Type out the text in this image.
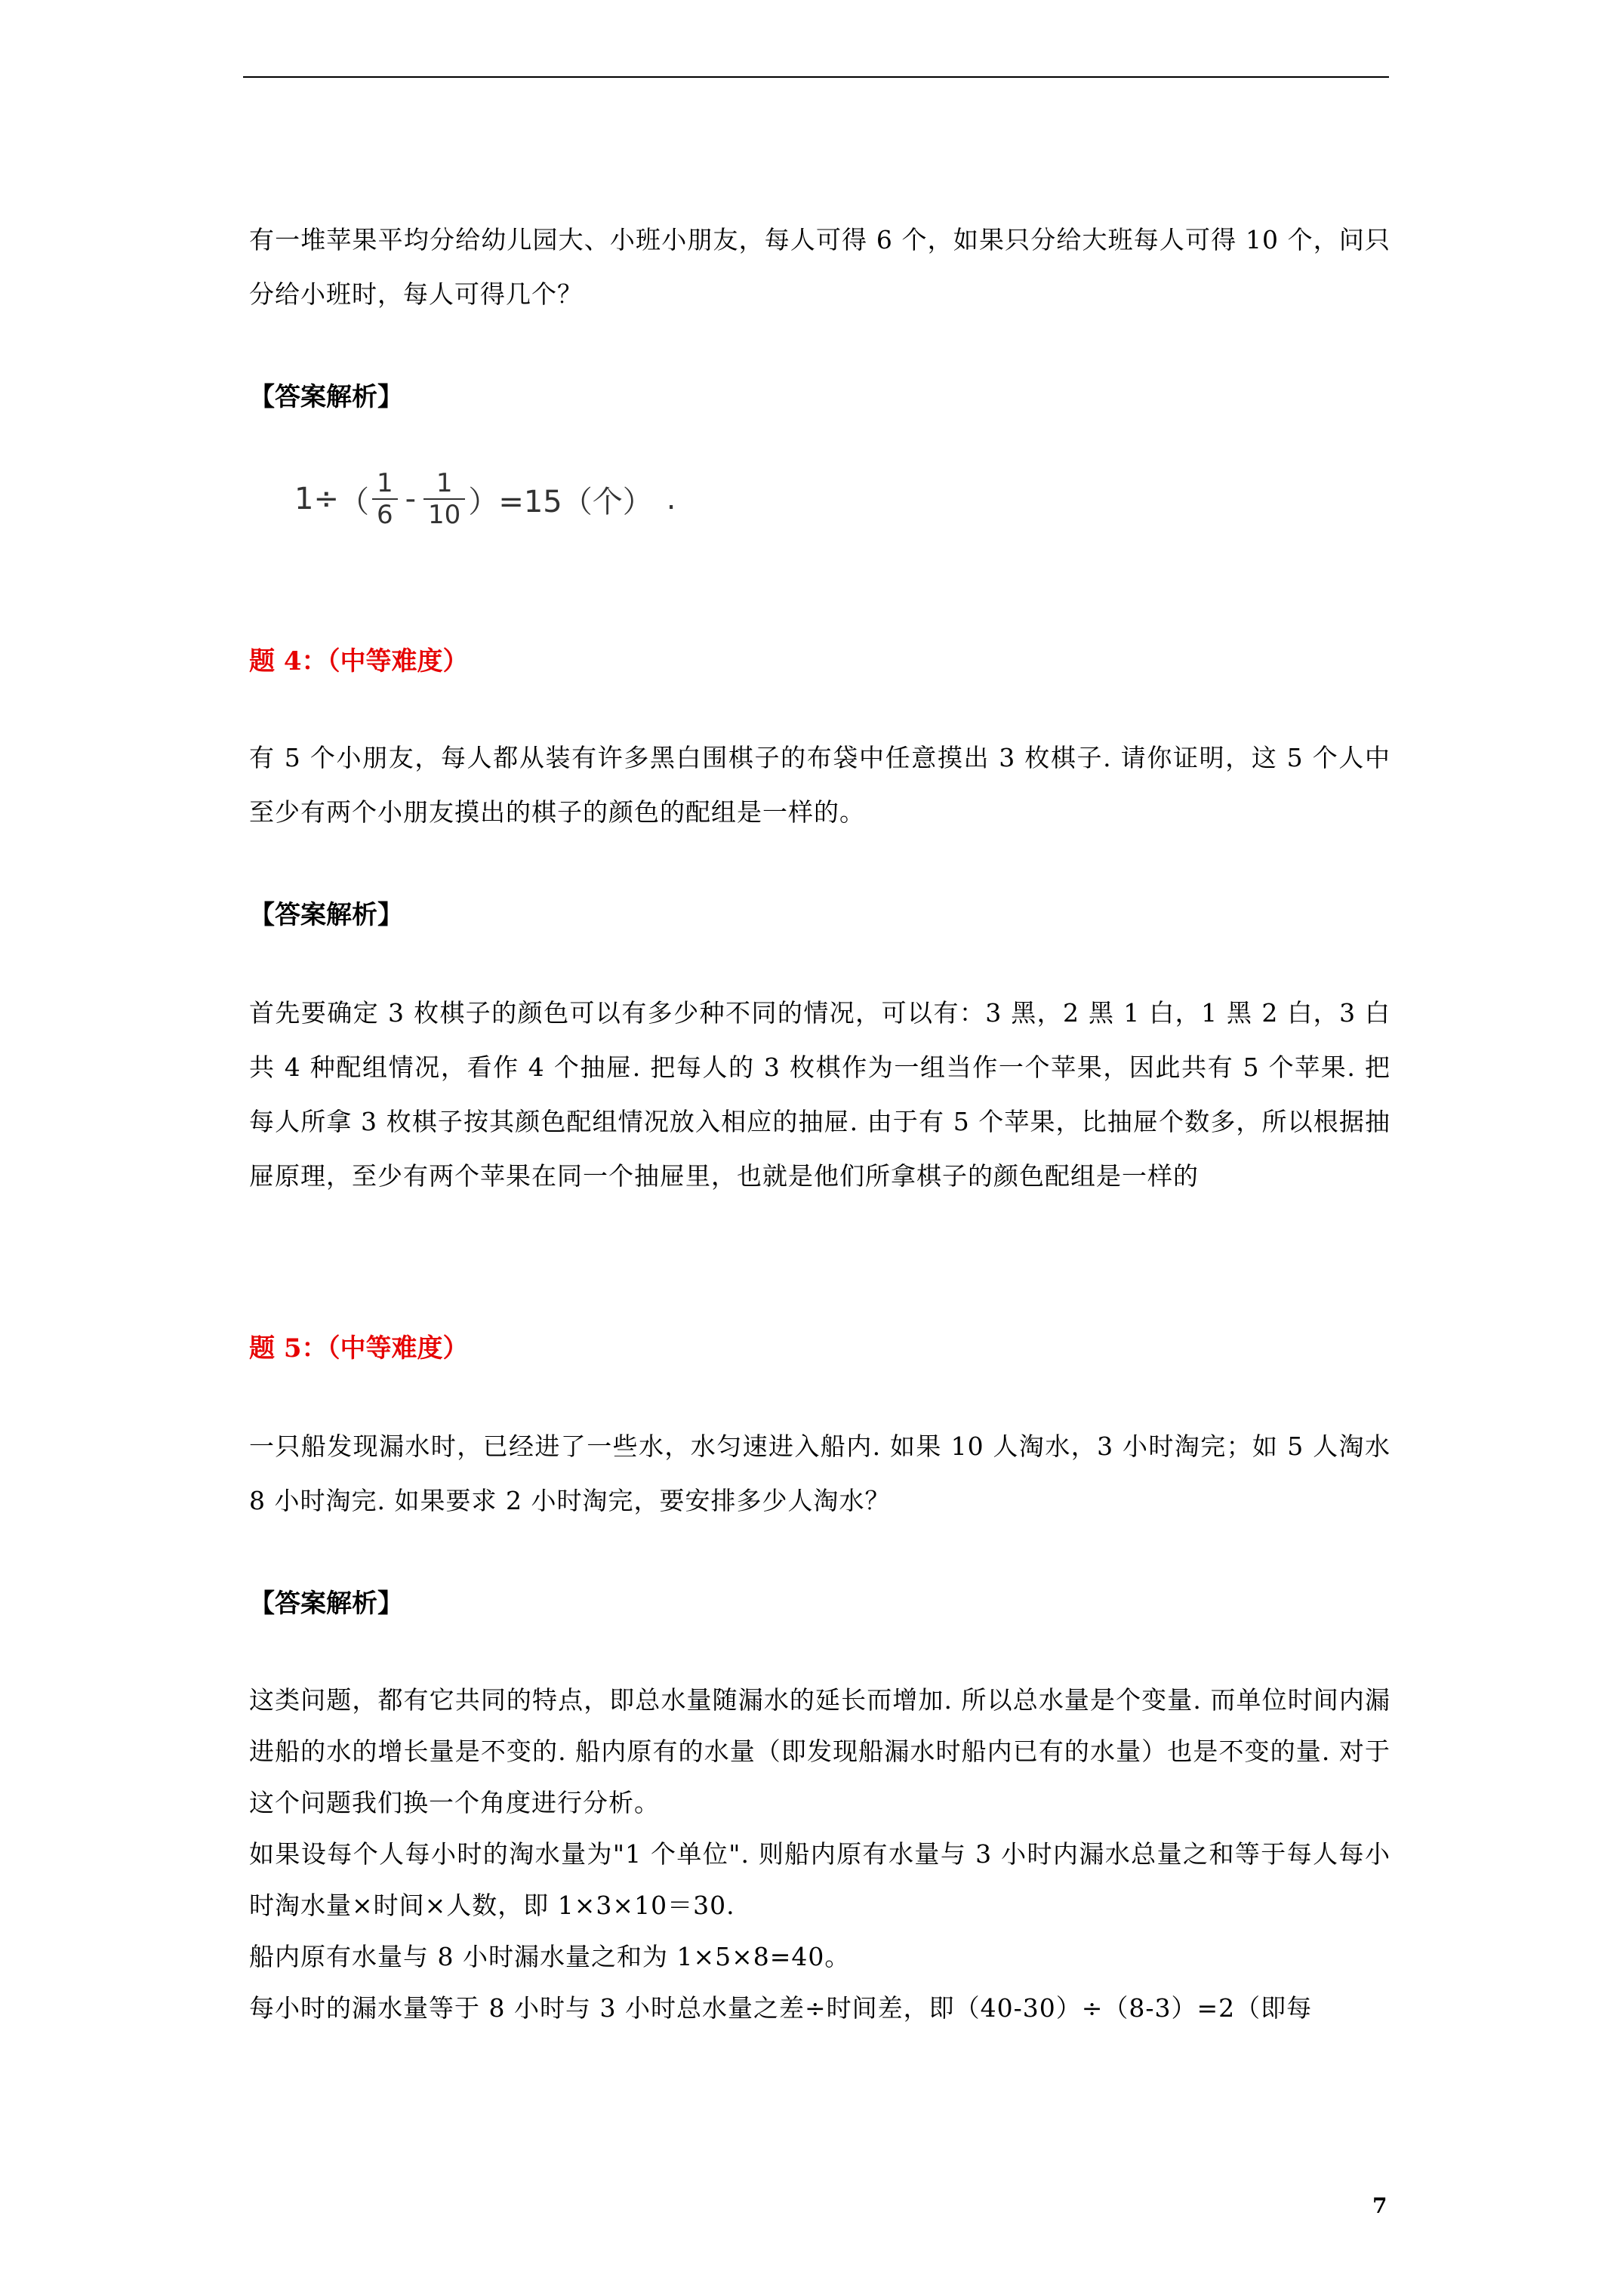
有一堆苹果平均分给幼儿园大、小班小朋友，每人可得 6 个，如果只分给大班每人可得 10 个，问只分给小班时，每人可得几个？

【答案解析】

1÷ （ $\frac{1}{6} - \frac{1}{10}$ ） =15（个） .

题 4：（中等难度）

有 5 个小朋友，每人都从装有许多黑白围棋子的布袋中任意摸出 3 枚棋子. 请你证明，这 5 个人中至少有两个小朋友摸出的棋子的颜色的配组是一样的。

【答案解析】

首先要确定 3 枚棋子的颜色可以有多少种不同的情况，可以有：3 黑，2 黑 1 白，1 黑 2 白，3 白共 4 种配组情况，看作 4 个抽屉. 把每人的 3 枚棋作为一组当作一个苹果，因此共有 5 个苹果. 把每人所拿 3 枚棋子按其颜色配组情况放入相应的抽屉. 由于有 5 个苹果，比抽屉个数多，所以根据抽屉原理，至少有两个苹果在同一个抽屉里，也就是他们所拿棋子的颜色配组是一样的

题 5：（中等难度）

一只船发现漏水时，已经进了一些水，水匀速进入船内. 如果 10 人淘水，3 小时淘完；如 5 人淘水 8 小时淘完. 如果要求 2 小时淘完，要安排多少人淘水？

【答案解析】

这类问题，都有它共同的特点，即总水量随漏水的延长而增加. 所以总水量是个变量. 而单位时间内漏进船的水的增长量是不变的. 船内原有的水量（即发现船漏水时船内已有的水量）也是不变的量. 对于这个问题我们换一个角度进行分析。

如果设每个人每小时的淘水量为"1 个单位". 则船内原有水量与 3 小时内漏水总量之和等于每人每小时淘水量×时间×人数，即 1×3×10＝30.

船内原有水量与 8 小时漏水量之和为 1×5×8=40。

每小时的漏水量等于 8 小时与 3 小时总水量之差÷时间差，即（40-30）÷（8-3）=2（即每

7
